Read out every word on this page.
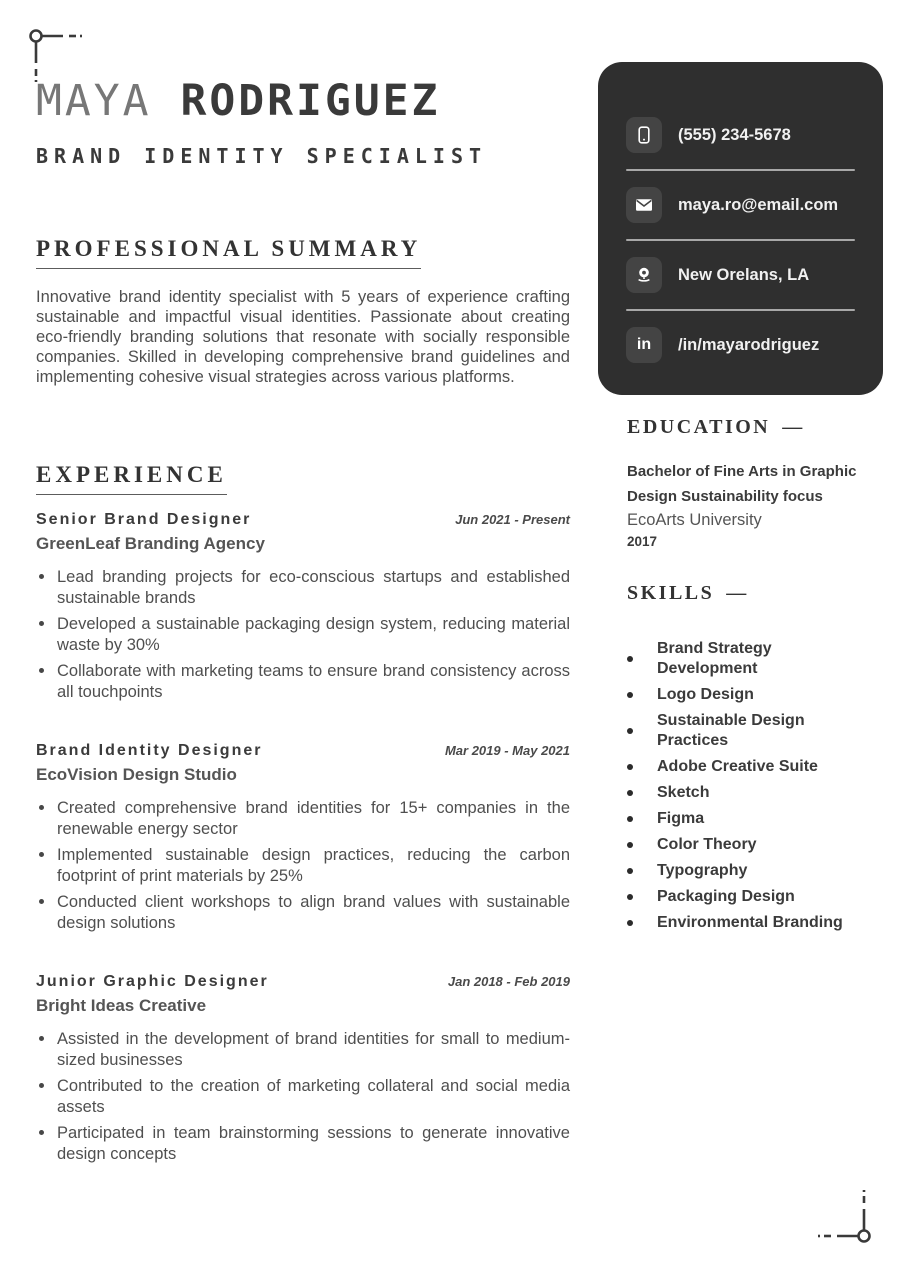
MAYA RODRIGUEZ
BRAND IDENTITY SPECIALIST
PROFESSIONAL SUMMARY

Innovative brand identity specialist with 5 years of experience crafting sustainable and impactful visual identities. Passionate about creating eco-friendly branding solutions that resonate with socially responsible companies. Skilled in developing comprehensive brand guidelines and implementing cohesive visual strategies across various platforms.

EXPERIENCE
Senior Brand Designer	Jun 2021 - Present
GreenLeaf Branding Agency
Lead branding projects for eco-conscious startups and established sustainable brands
Developed a sustainable packaging design system, reducing material waste by 30%
Collaborate with marketing teams to ensure brand consistency across all touchpoints
Brand Identity Designer	Mar 2019 - May 2021
EcoVision Design Studio
Created comprehensive brand identities for 15+ companies in the renewable energy sector
Implemented sustainable design practices, reducing the carbon footprint of print materials by 25%
Conducted client workshops to align brand values with sustainable design solutions
Junior Graphic Designer	Jan 2018 - Feb 2019
Bright Ideas Creative
Assisted in the development of brand identities for small to medium-sized businesses
Contributed to the creation of marketing collateral and social media assets
Participated in team brainstorming sessions to generate innovative design concepts
(555) 234-5678
maya.ro@email.com
New Orelans, LA
in /in/mayarodriguez
EDUCATION —
Bachelor of Fine Arts in Graphic Design Sustainability focus
EcoArts University
2017
SKILLS —
Brand Strategy Development
Logo Design
Sustainable Design Practices
Adobe Creative Suite
Sketch
Figma
Color Theory
Typography
Packaging Design
Environmental Branding
